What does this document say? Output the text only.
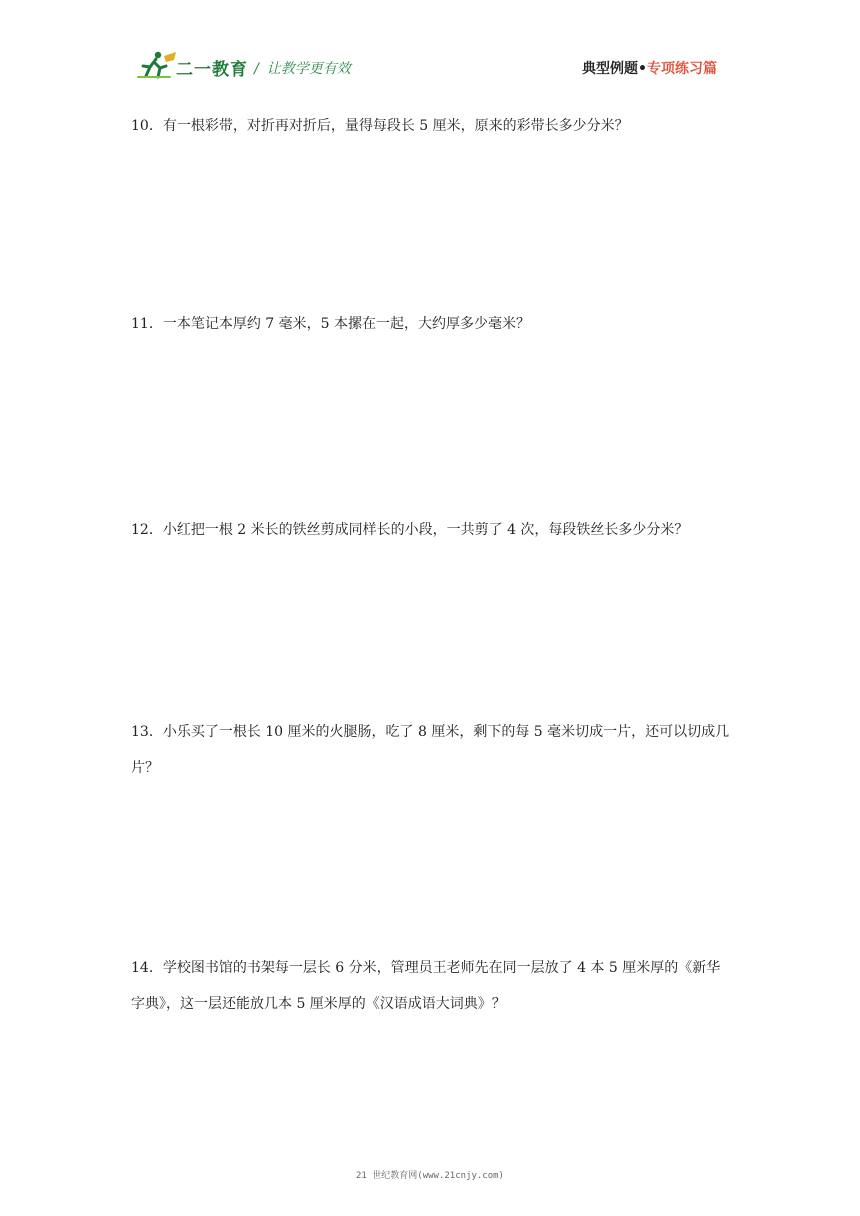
二一教育 / 让教学更有效	典型例题•专项练习篇
10．有一根彩带，对折再对折后，量得每段长 5 厘米，原来的彩带长多少分米？
11．一本笔记本厚约 7 毫米，5 本摞在一起，大约厚多少毫米？
12．小红把一根 2 米长的铁丝剪成同样长的小段，一共剪了 4 次，每段铁丝长多少分米？
13．小乐买了一根长 10 厘米的火腿肠，吃了 8 厘米，剩下的每 5 毫米切成一片，还可以切成几片？
14．学校图书馆的书架每一层长 6 分米，管理员王老师先在同一层放了 4 本 5 厘米厚的《新华字典》，这一层还能放几本 5 厘米厚的《汉语成语大词典》？
21 世纪教育网(www.21cnjy.com)
